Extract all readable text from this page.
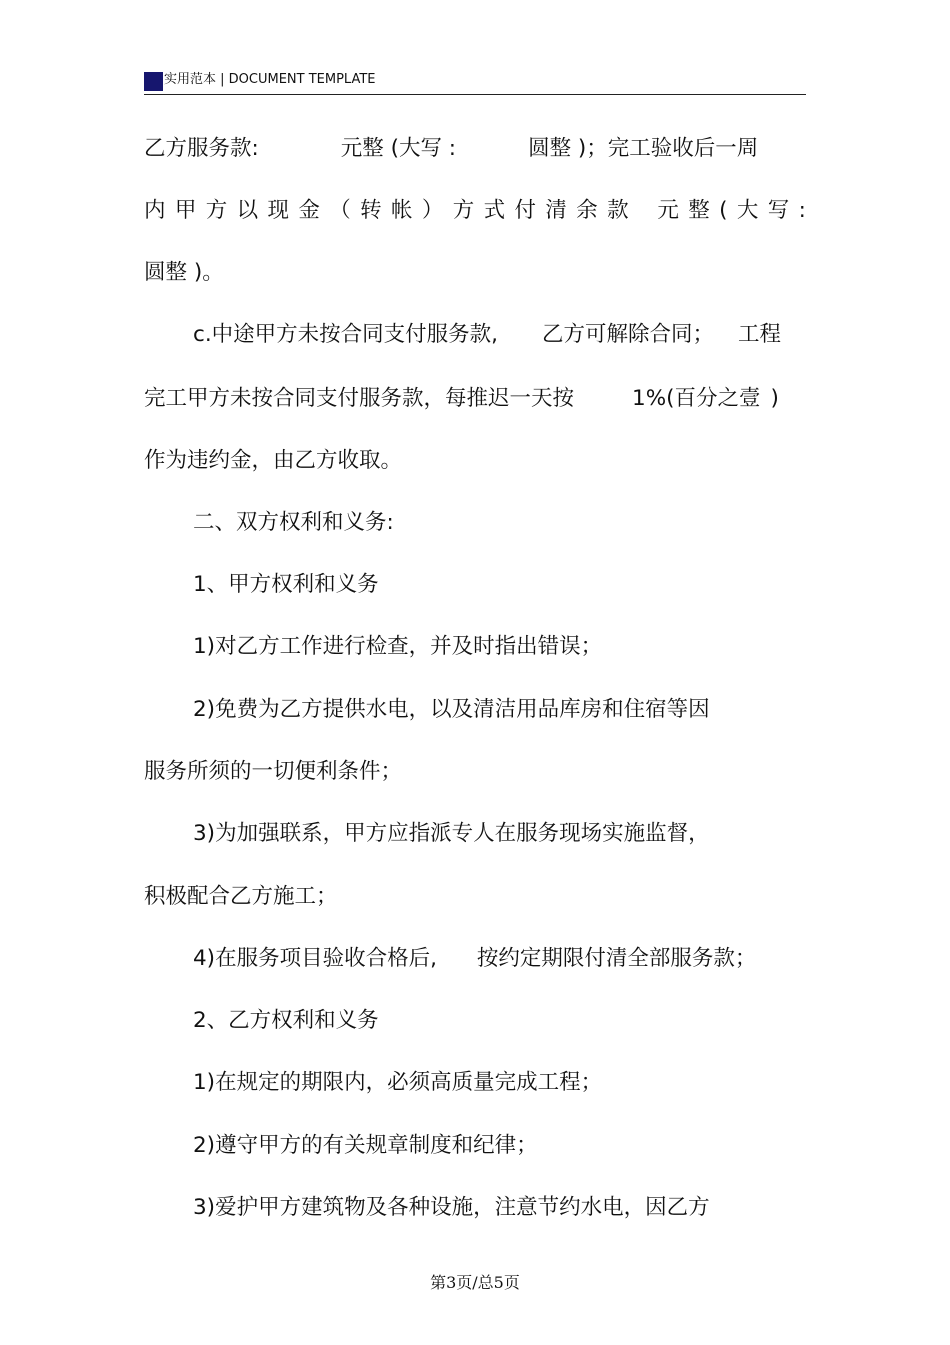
实用范本 | DOCUMENT TEMPLATE
乙方服务款:	元整 (大写 :	圆整 )；完工验收后一周
内 甲 方 以 现 金 （ 转 帐 ） 方 式 付 清 余 款 元 整 ( 大 写 :
圆整 )。
c.中途甲方未按合同支付服务款, 乙方可解除合同； 工程
完工甲方未按合同支付服务款，每推迟一天按	1%(百分之壹 )
作为违约金，由乙方收取。
二、双方权利和义务:
1、甲方权利和义务
1)对乙方工作进行检查，并及时指出错误；
2)免费为乙方提供水电，以及清洁用品库房和住宿等因
服务所须的一切便利条件；
3)为加强联系，甲方应指派专人在服务现场实施监督，
积极配合乙方施工；
4)在服务项目验收合格后, 按约定期限付清全部服务款；
2、乙方权利和义务
1)在规定的期限内，必须高质量完成工程；
2)遵守甲方的有关规章制度和纪律；
3)爱护甲方建筑物及各种设施，注意节约水电，因乙方
第3页/总5页
